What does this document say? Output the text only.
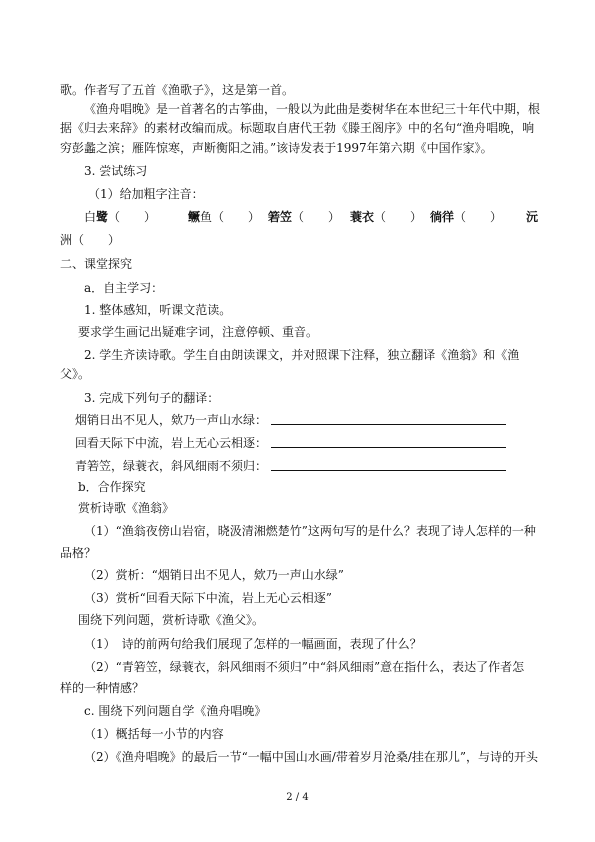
歌。作者写了五首《渔歌子》，这是第一首。
《渔舟唱晚》是一首著名的古筝曲，一般以为此曲是娄树华在本世纪三十年代中期，根
据《归去来辞》的素材改编而成。标题取自唐代王勃《滕王阁序》中的名句“渔舟唱晚，响
穷彭蠡之滨；雁阵惊寒，声断衡阳之浦。”该诗发表于1997年第六期《中国作家》。
3. 尝试练习
（1）给加粗字注音：
白鹭（　　）	鳜鱼（　　） 箬笠（　　） 蓑衣（　　） 徜徉（　　） 沅
洲（　　）
二、课堂探究
a．自主学习：
1. 整体感知，听课文范读。
要求学生画记出疑难字词，注意停顿、重音。
2. 学生齐读诗歌。学生自由朗读课文，并对照课下注释，独立翻译《渔翁》和《渔
父》。
3. 完成下列句子的翻译：
烟销日出不见人，欸乃一声山水绿：
回看天际下中流，岩上无心云相逐：
青箬笠，绿蓑衣，斜风细雨不须归：
b．合作探究
赏析诗歌《渔翁》
（1）“渔翁夜傍山岩宿，晓汲清湘燃楚竹”这两句写的是什么？表现了诗人怎样的一种
品格？
（2）赏析：“烟销日出不见人，欸乃一声山水绿”
（3）赏析“回看天际下中流，岩上无心云相逐”
围绕下列问题，赏析诗歌《渔父》。
（1）　诗的前两句给我们展现了怎样的一幅画面，表现了什么？
（2）“青箬笠，绿蓑衣，斜风细雨不须归”中“斜风细雨”意在指什么，表达了作者怎
样的一种情感？
c. 围绕下列问题自学《渔舟唱晚》
（1）概括每一小节的内容
（2）《渔舟唱晚》的最后一节“一幅中国山水画/带着岁月沧桑/挂在那儿”，与诗的开头
2 / 4
